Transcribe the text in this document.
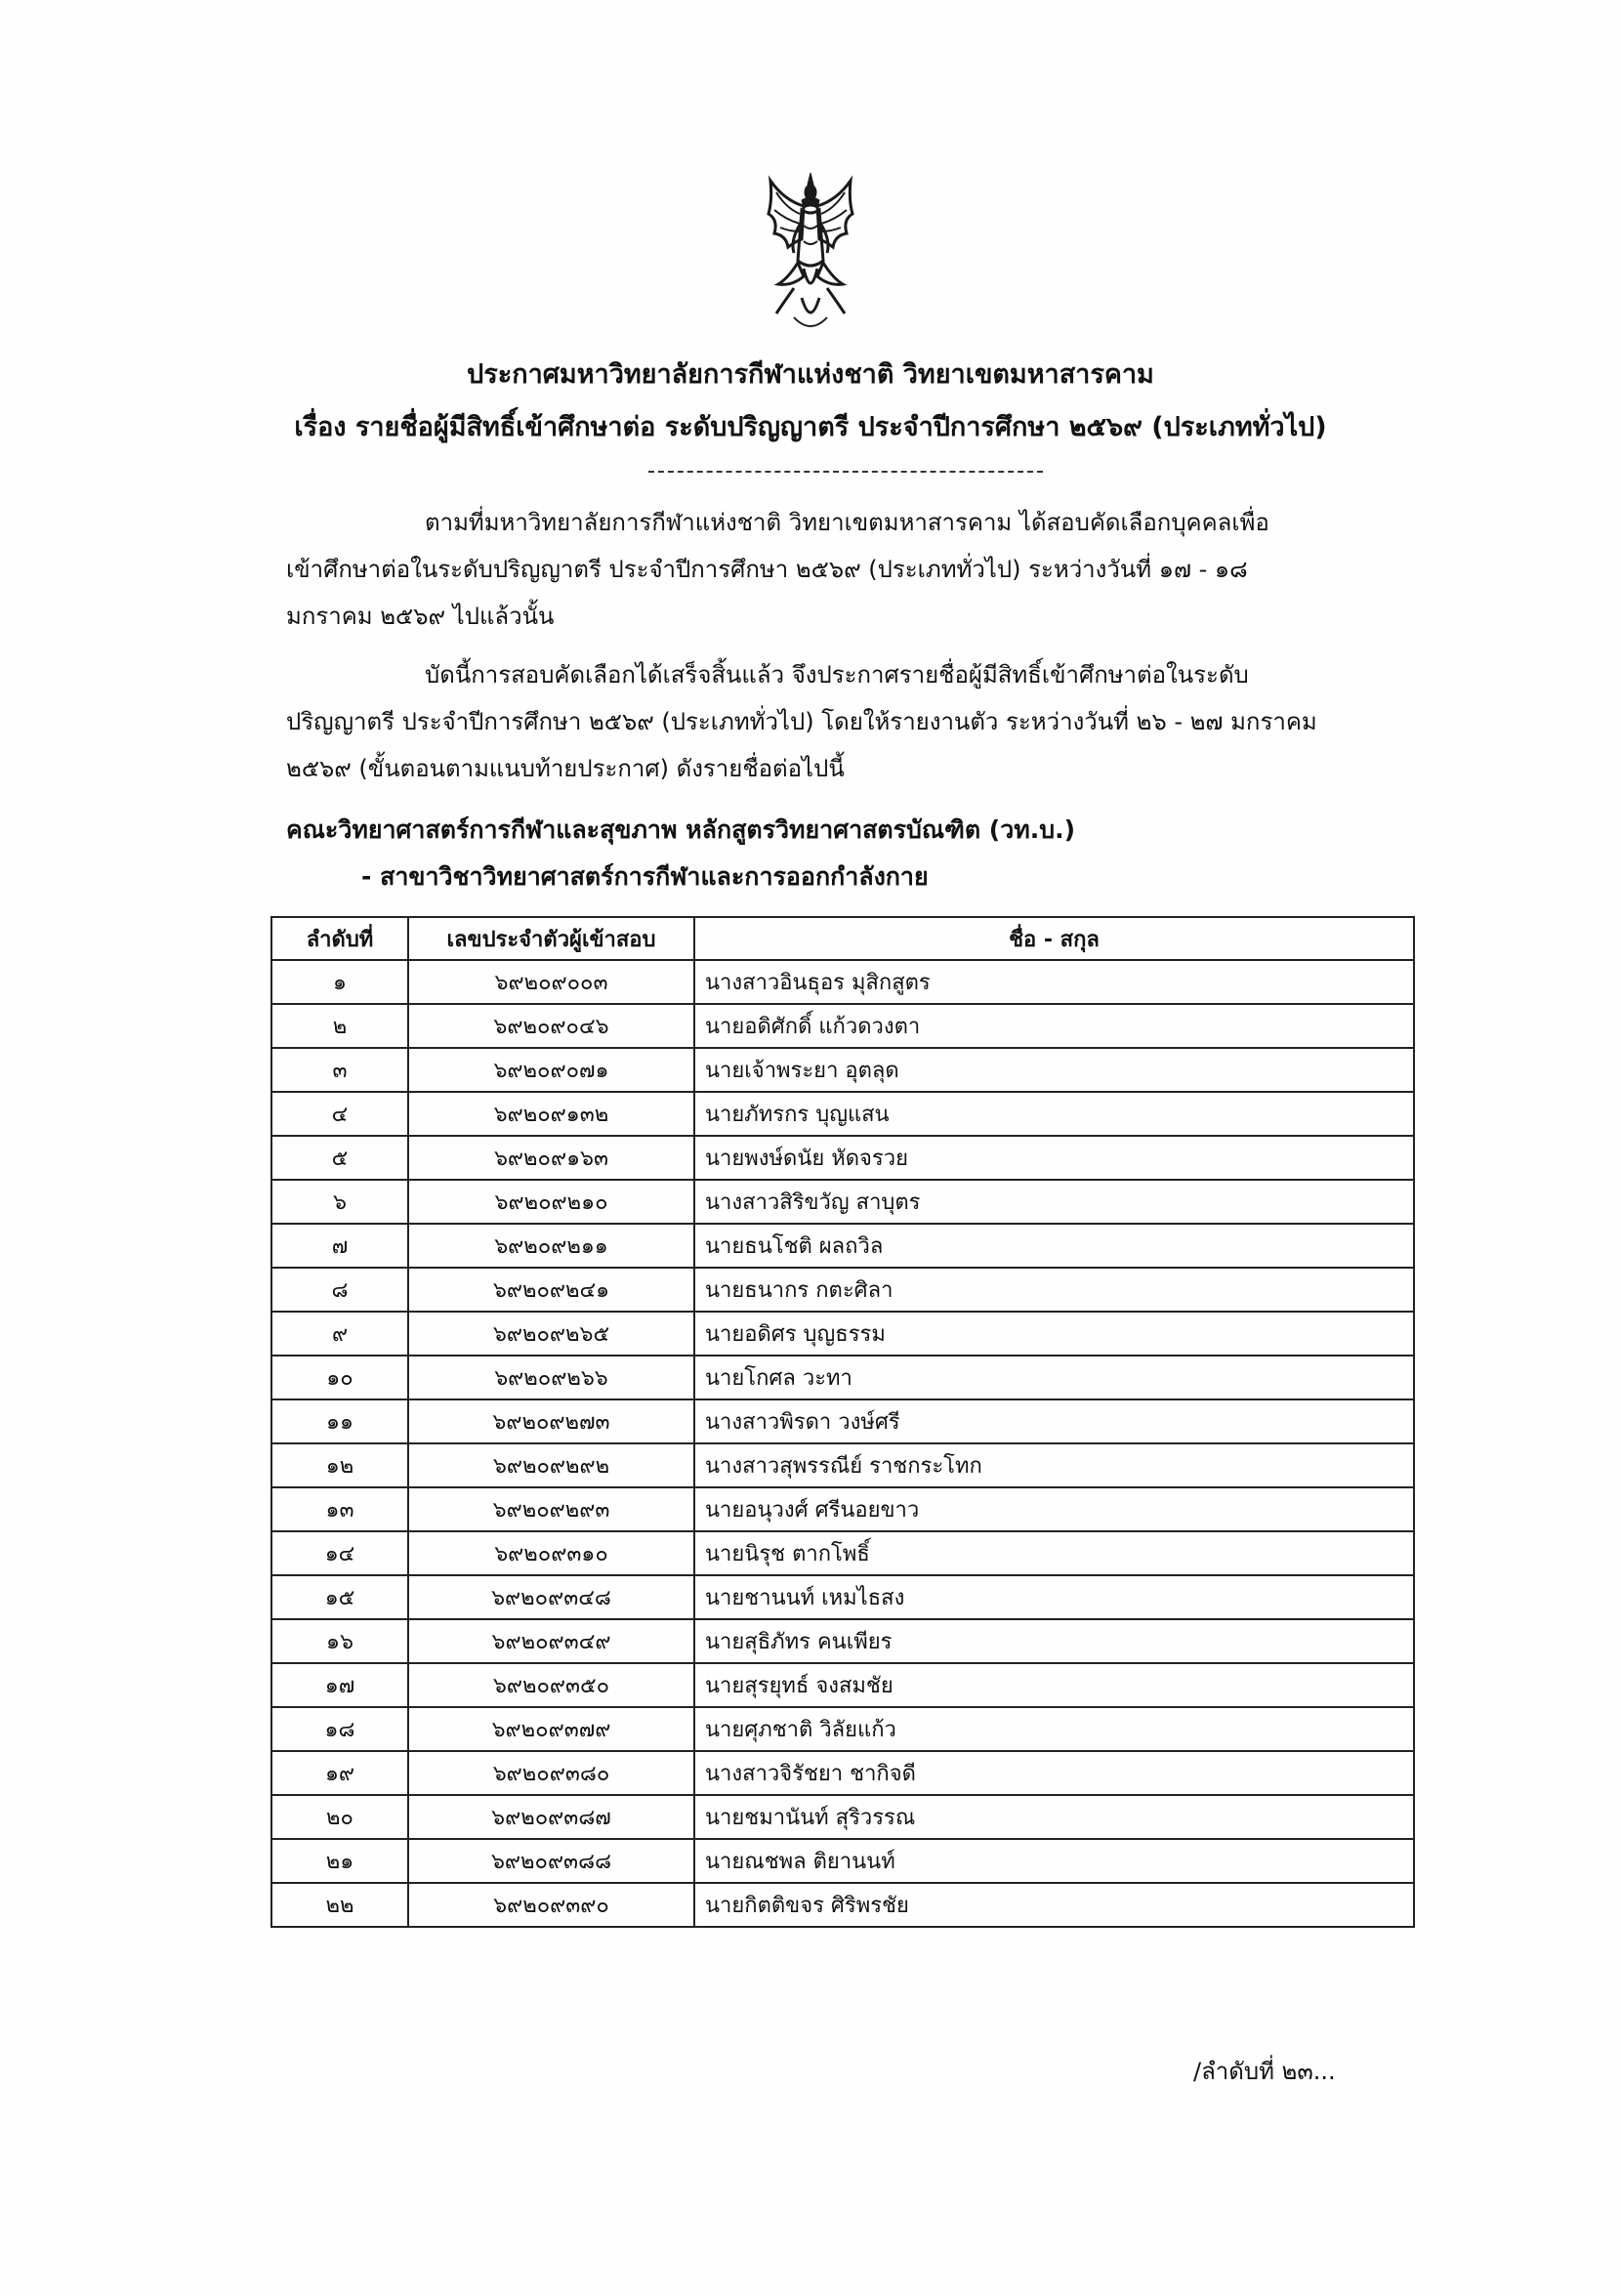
ประกาศมหาวิทยาลัยการกีฬาแห่งชาติ วิทยาเขตมหาสารคาม
เรื่อง รายชื่อผู้มีสิทธิ์เข้าศึกษาต่อ ระดับปริญญาตรี ประจำปีการศึกษา ๒๕๖๙ (ประเภททั่วไป)
ตามที่มหาวิทยาลัยการกีฬาแห่งชาติ วิทยาเขตมหาสารคาม ได้สอบคัดเลือกบุคคลเพื่อ
เข้าศึกษาต่อในระดับปริญญาตรี ประจำปีการศึกษา ๒๕๖๙ (ประเภททั่วไป) ระหว่างวันที่ ๑๗ - ๑๘
มกราคม ๒๕๖๙ ไปแล้วนั้น
บัดนี้การสอบคัดเลือกได้เสร็จสิ้นแล้ว จึงประกาศรายชื่อผู้มีสิทธิ์เข้าศึกษาต่อในระดับ
ปริญญาตรี ประจำปีการศึกษา ๒๕๖๙ (ประเภททั่วไป) โดยให้รายงานตัว ระหว่างวันที่ ๒๖ - ๒๗ มกราคม
๒๕๖๙ (ขั้นตอนตามแนบท้ายประกาศ) ดังรายชื่อต่อไปนี้
คณะวิทยาศาสตร์การกีฬาและสุขภาพ หลักสูตรวิทยาศาสตรบัณฑิต (วท.บ.)
- สาขาวิชาวิทยาศาสตร์การกีฬาและการออกกำลังกาย
ลำดับที่	เลขประจำตัวผู้เข้าสอบ	ชื่อ - สกุล
๑	๖๙๒๐๙๐๐๓	นางสาวอินธุอร มุสิกสูตร
๒	๖๙๒๐๙๐๔๖	นายอดิศักดิ์ แก้วดวงตา
๓	๖๙๒๐๙๐๗๑	นายเจ้าพระยา อุตลุด
๔	๖๙๒๐๙๑๓๒	นายภัทรกร บุญแสน
๕	๖๙๒๐๙๑๖๓	นายพงษ์ดนัย หัดจรวย
๖	๖๙๒๐๙๒๑๐	นางสาวสิริขวัญ สาบุตร
๗	๖๙๒๐๙๒๑๑	นายธนโชติ ผลถวิล
๘	๖๙๒๐๙๒๔๑	นายธนากร กตะศิลา
๙	๖๙๒๐๙๒๖๕	นายอดิศร บุญธรรม
๑๐	๖๙๒๐๙๒๖๖	นายโกศล วะทา
๑๑	๖๙๒๐๙๒๗๓	นางสาวพิรดา วงษ์ศรี
๑๒	๖๙๒๐๙๒๙๒	นางสาวสุพรรณีย์ ราชกระโทก
๑๓	๖๙๒๐๙๒๙๓	นายอนุวงศ์ ศรีนอยขาว
๑๔	๖๙๒๐๙๓๑๐	นายนิรุช ตากโพธิ์
๑๕	๖๙๒๐๙๓๔๘	นายชานนท์ เหมไธสง
๑๖	๖๙๒๐๙๓๔๙	นายสุธิภัทร คนเพียร
๑๗	๖๙๒๐๙๓๕๐	นายสุรยุทธ์ จงสมชัย
๑๘	๖๙๒๐๙๓๗๙	นายศุภชาติ วิลัยแก้ว
๑๙	๖๙๒๐๙๓๘๐	นางสาวจิรัชยา ชากิจดี
๒๐	๖๙๒๐๙๓๘๗	นายชมานันท์ สุริวรรณ
๒๑	๖๙๒๐๙๓๘๘	นายณชพล ติยานนท์
๒๒	๖๙๒๐๙๓๙๐	นายกิตติขจร ศิริพรชัย
/ลำดับที่ ๒๓...
